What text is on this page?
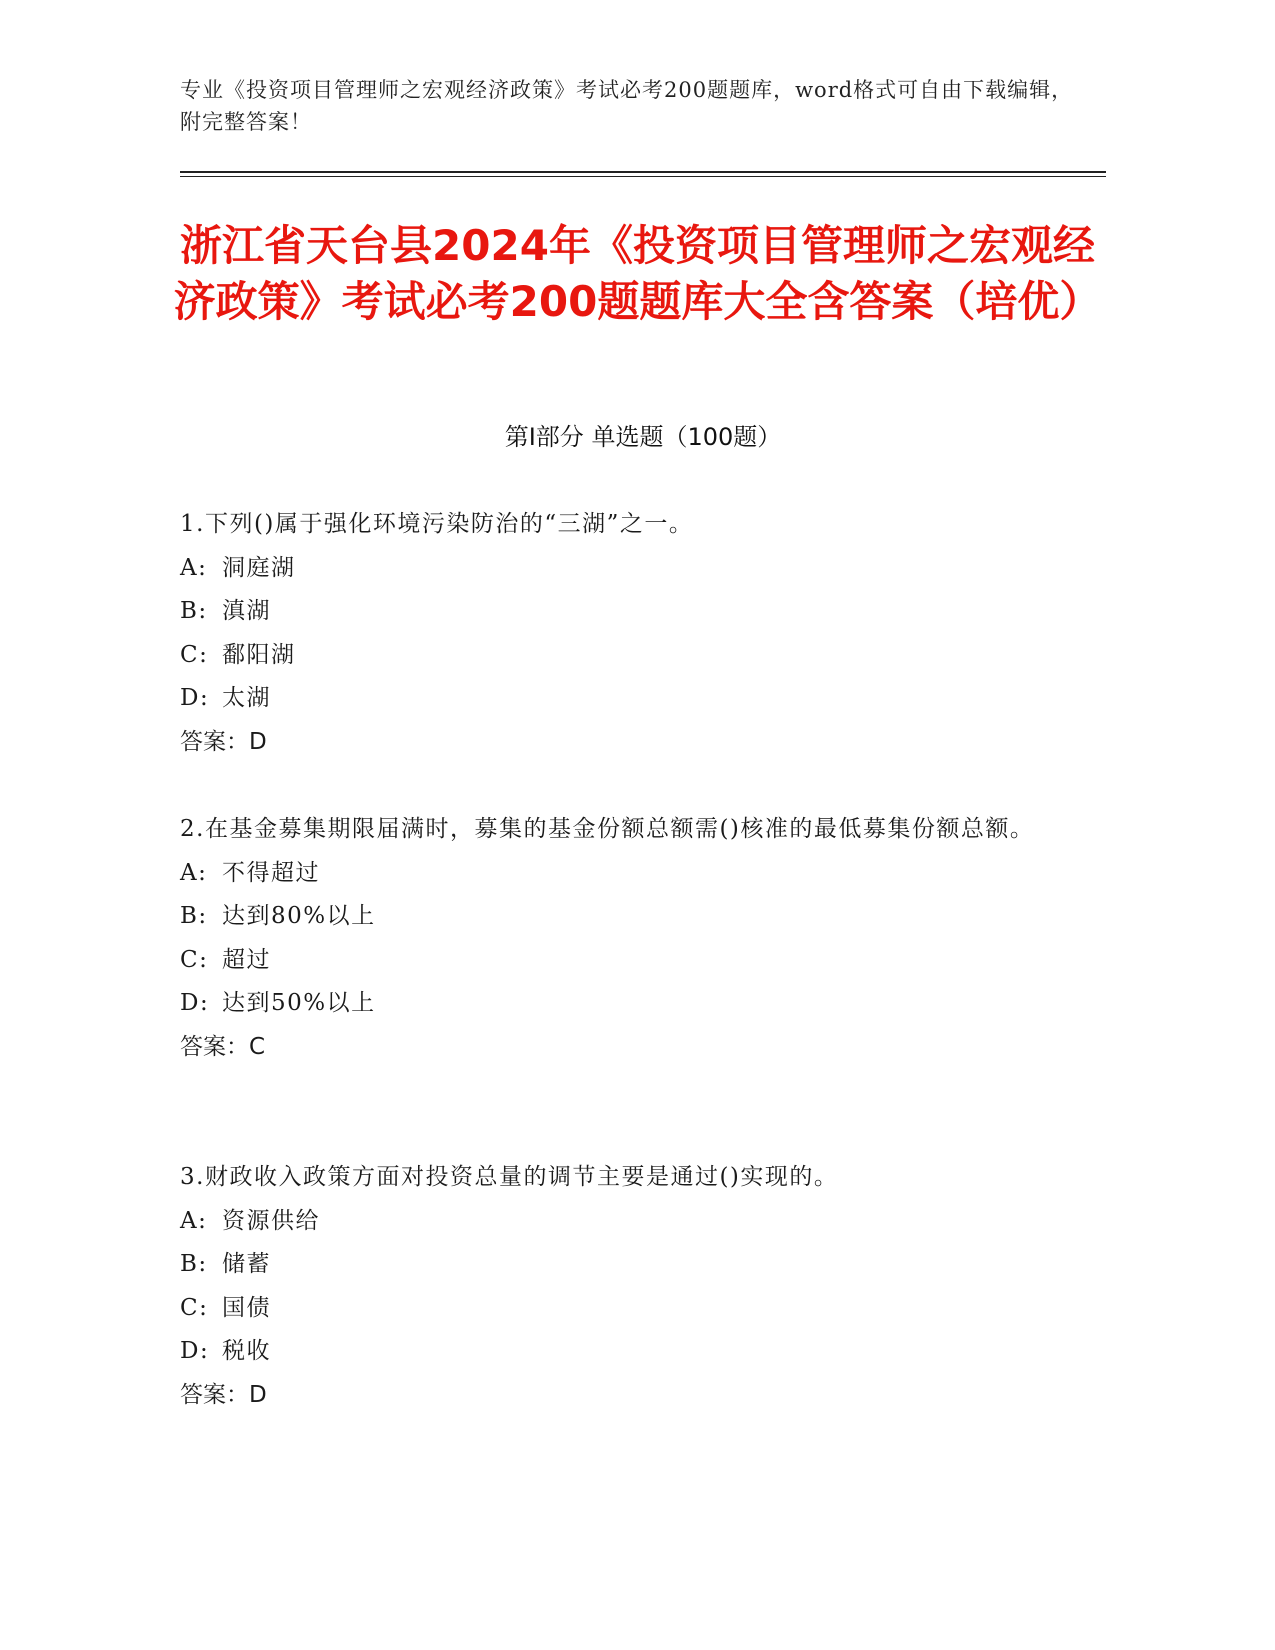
专业《投资项目管理师之宏观经济政策》考试必考200题题库，word格式可自由下载编辑，附完整答案！
浙江省天台县2024年《投资项目管理师之宏观经济政策》考试必考200题题库大全含答案（培优）
第Ⅰ部分 单选题（100题）

1.下列()属于强化环境污染防治的“三湖”之一。

A: 洞庭湖

B: 滇湖

C: 鄱阳湖

D: 太湖

答案：D

2.在基金募集期限届满时，募集的基金份额总额需()核准的最低募集份额总额。

A: 不得超过

B: 达到80%以上

C: 超过

D: 达到50%以上

答案：C

3.财政收入政策方面对投资总量的调节主要是通过()实现的。

A: 资源供给

B: 储蓄

C: 国债

D: 税收

答案：D
